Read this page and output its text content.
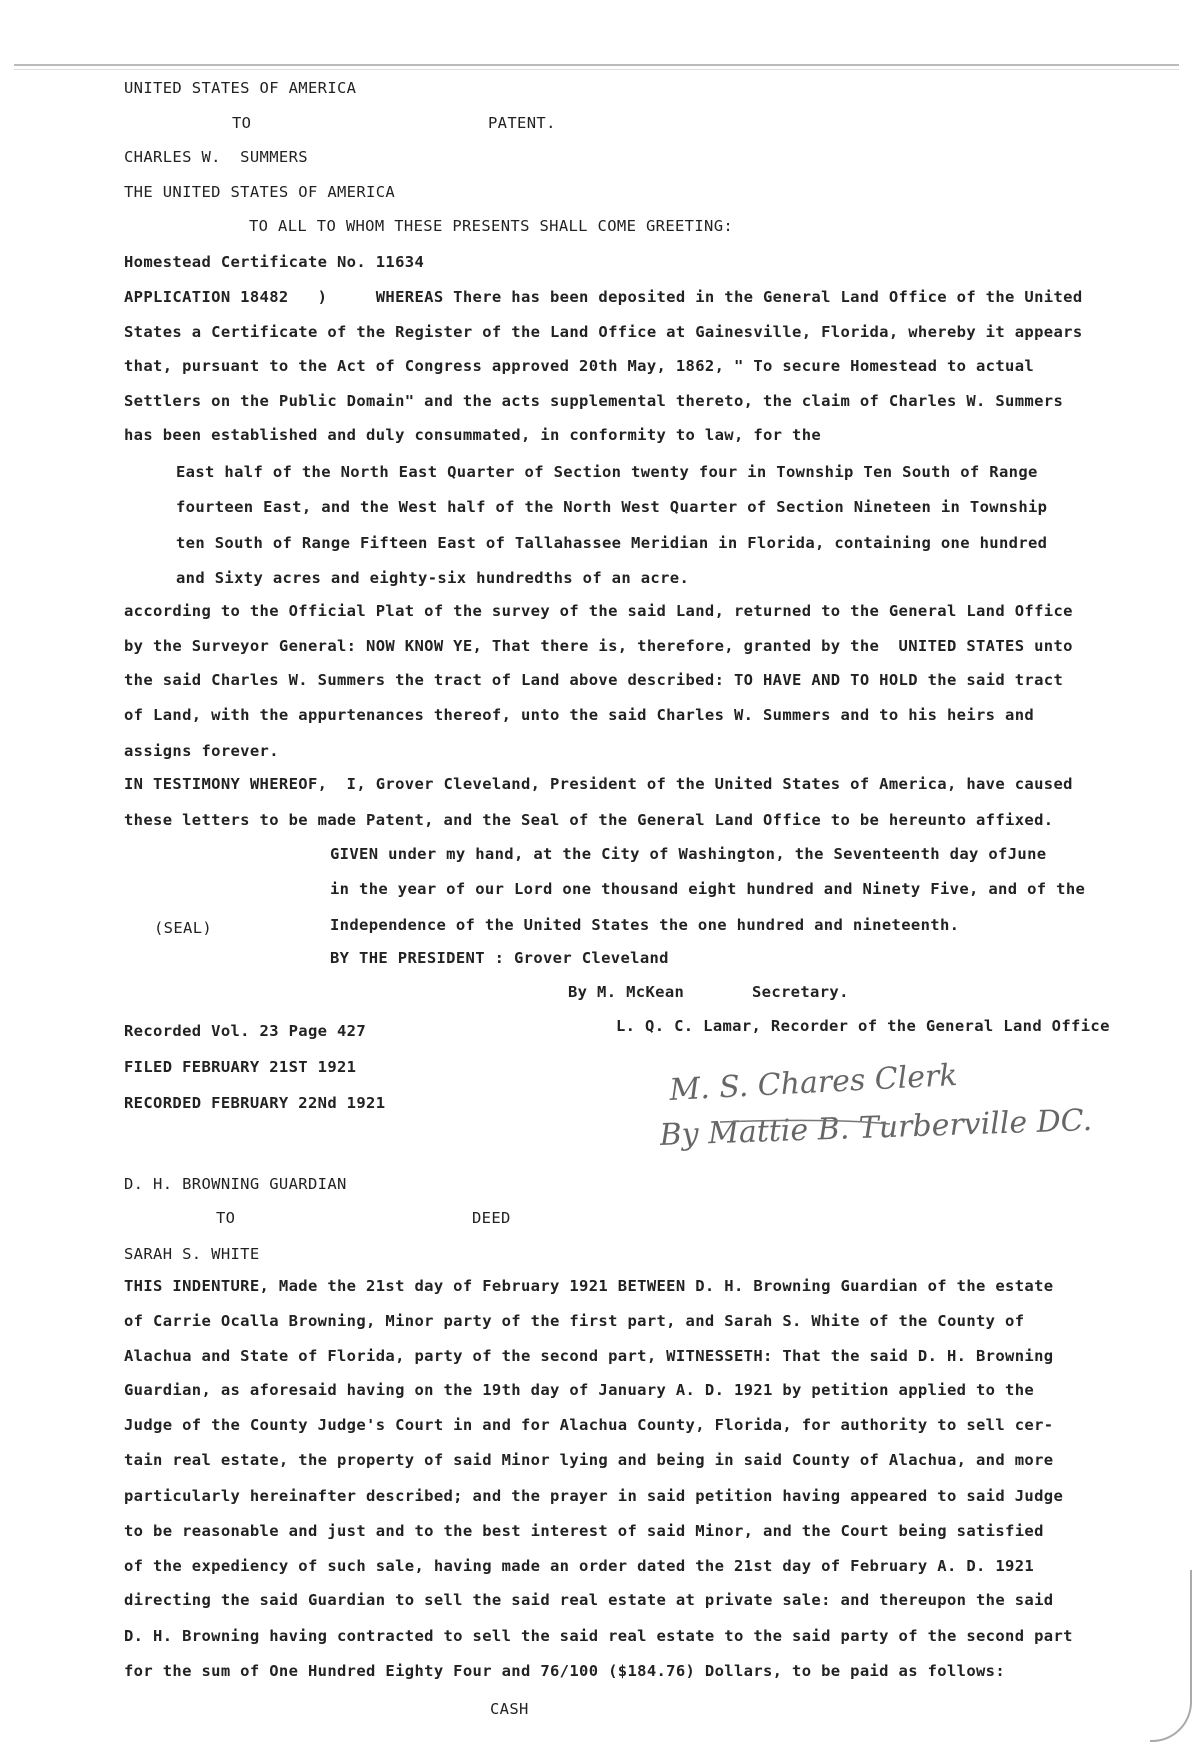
UNITED STATES OF AMERICA
TO	PATENT.
CHARLES W.  SUMMERS
THE UNITED STATES OF AMERICA
TO ALL TO WHOM THESE PRESENTS SHALL COME GREETING:
Homestead Certificate No. 11634
APPLICATION 18482   )     WHEREAS There has been deposited in the General Land Office of the United
States a Certificate of the Register of the Land Office at Gainesville, Florida, whereby it appears
that, pursuant to the Act of Congress approved 20th May, 1862, " To secure Homestead to actual
Settlers on the Public Domain" and the acts supplemental thereto, the claim of Charles W. Summers
has been established and duly consummated, in conformity to law, for the
East half of the North East Quarter of Section twenty four in Township Ten South of Range
fourteen East, and the West half of the North West Quarter of Section Nineteen in Township
ten South of Range Fifteen East of Tallahassee Meridian in Florida, containing one hundred
and Sixty acres and eighty-six hundredths of an acre.
according to the Official Plat of the survey of the said Land, returned to the General Land Office
by the Surveyor General: NOW KNOW YE, That there is, therefore, granted by the  UNITED STATES unto
the said Charles W. Summers the tract of Land above described: TO HAVE AND TO HOLD the said tract
of Land, with the appurtenances thereof, unto the said Charles W. Summers and to his heirs and
assigns forever.
IN TESTIMONY WHEREOF,  I, Grover Cleveland, President of the United States of America, have caused
these letters to be made Patent, and the Seal of the General Land Office to be hereunto affixed.
GIVEN under my hand, at the City of Washington, the Seventeenth day ofJune
in the year of our Lord one thousand eight hundred and Ninety Five, and of the
Independence of the United States the one hundred and nineteenth.
(SEAL)
BY THE PRESIDENT : Grover Cleveland
By M. McKean       Secretary.
Recorded Vol. 23 Page 427	L. Q. C. Lamar, Recorder of the General Land Office
FILED FEBRUARY 21ST 1921
RECORDED FEBRUARY 22Nd 1921	M. S. Chares Clerk
By Mattie B. Turberville DC.
D. H. BROWNING GUARDIAN
TO	DEED
SARAH S. WHITE
THIS INDENTURE, Made the 21st day of February 1921 BETWEEN D. H. Browning Guardian of the estate
of Carrie Ocalla Browning, Minor party of the first part, and Sarah S. White of the County of
Alachua and State of Florida, party of the second part, WITNESSETH: That the said D. H. Browning
Guardian, as aforesaid having on the 19th day of January A. D. 1921 by petition applied to the
Judge of the County Judge's Court in and for Alachua County, Florida, for authority to sell cer-
tain real estate, the property of said Minor lying and being in said County of Alachua, and more
particularly hereinafter described; and the prayer in said petition having appeared to said Judge
to be reasonable and just and to the best interest of said Minor, and the Court being satisfied
of the expediency of such sale, having made an order dated the 21st day of February A. D. 1921
directing the said Guardian to sell the said real estate at private sale: and thereupon the said
D. H. Browning having contracted to sell the said real estate to the said party of the second part
for the sum of One Hundred Eighty Four and 76/100 ($184.76) Dollars, to be paid as follows:
CASH
